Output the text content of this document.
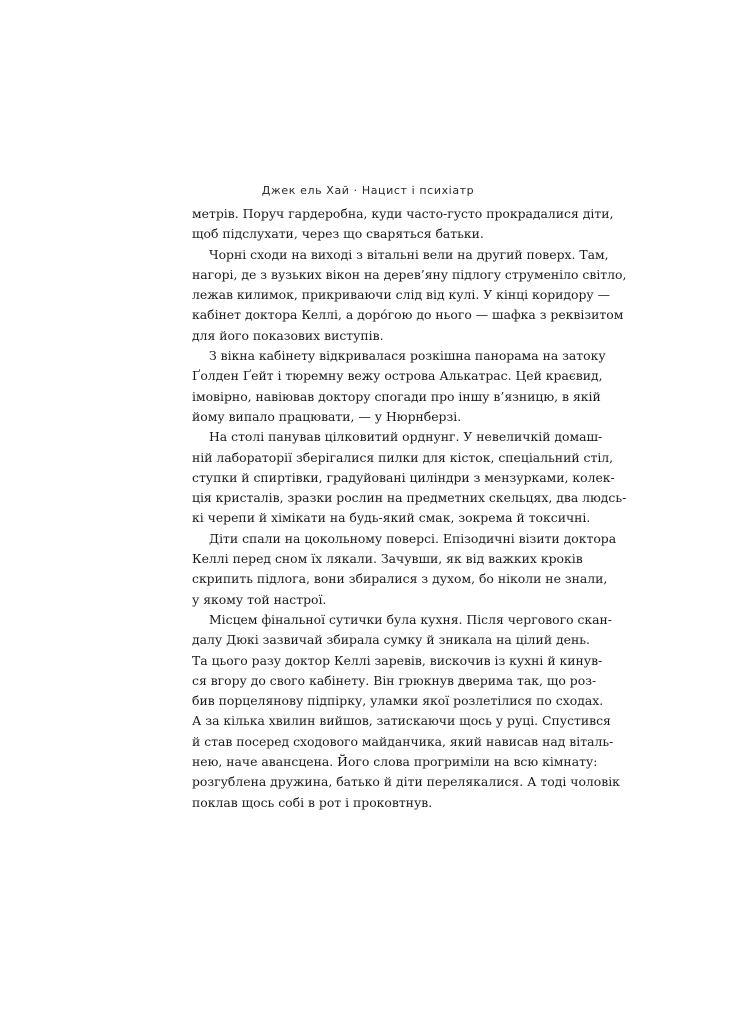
Джек ель Хай · Нацист і психіатр
метрів. Поруч гардеробна, куди часто-густо прокрадалися діти,
щоб підслухати, через що сваряться батьки.
Чорні сходи на виході з вітальні вели на другий поверх. Там,
нагорі, де з вузьких вікон на дерев’яну підлогу струменіло світло,
лежав килимок, прикриваючи слід від кулі. У кінці коридору —
кабінет доктора Келлі, а доро́гою до нього — шафка з реквізитом
для його показових виступів.
З вікна кабінету відкривалася розкішна панорама на затоку
Ґолден Ґейт і тюремну вежу острова Алькатрас. Цей краєвид,
імовірно, навіював доктору спогади про іншу в’язницю, в якій
йому випало працювати, — у Нюрнберзі.
На столі панував цілковитий орднунг. У невеличкій домаш-
ній лабораторії зберігалися пилки для кісток, спеціальний стіл,
ступки й спиртівки, градуйовані циліндри з мензурками, колек-
ція кристалів, зразки рослин на предметних скельцях, два людсь-
кі черепи й хімікати на будь-який смак, зокрема й токсичні.
Діти спали на цокольному поверсі. Епізодичні візити доктора
Келлі перед сном їх лякали. Зачувши, як від важких кроків
скрипить підлога, вони збиралися з духом, бо ніколи не знали,
у якому той настрої.
Місцем фінальної сутички була кухня. Після чергового скан-
далу Дюкі зазвичай збирала сумку й зникала на цілий день.
Та цього разу доктор Келлі заревів, вискочив із кухні й кинув-
ся вгору до свого кабінету. Він грюкнув дверима так, що роз-
бив порцелянову підпірку, уламки якої розлетілися по сходах.
А за кілька хвилин вийшов, затискаючи щось у руці. Спустився
й став посеред сходового майданчика, який нависав над віталь-
нею, наче авансцена. Його слова прогриміли на всю кімнату:
розгублена дружина, батько й діти перелякалися. А тоді чоловік
поклав щось собі в рот і проковтнув.
